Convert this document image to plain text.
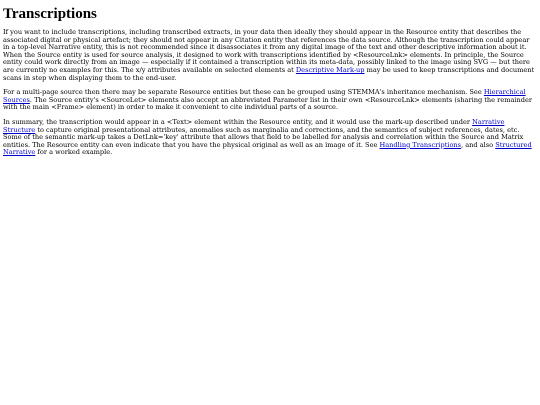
Transcriptions

If you want to include transcriptions, including transcribed extracts, in your data then ideally they should appear in the Resource entity that describes the associated digital or physical artefact; they should not appear in any Citation entity that references the data source. Although the transcription could appear in a top-level Narrative entity, this is not recommended since it disassociates it from any digital image of the text and other descriptive information about it.

When the Source entity is used for source analysis, it designed to work with transcriptions identified by <ResourceLnk> elements. In principle, the Source entity could work directly from an image — especially if it contained a transcription within its meta-data, possibly linked to the image using SVG — but there are currently no examples for this. The x/y attributes available on selected elements at Descriptive Mark-up may be used to keep transcriptions and document scans in step when displaying them to the end-user.

For a multi-page source then there may be separate Resource entities but these can be grouped using STEMMA's inheritance mechanism. See Hierarchical Sources. The Source entity's <SourceLet> elements also accept an abbreviated Parameter list in their own <ResourceLnk> elements (sharing the remainder with the main <Frame> element) in order to make it convenient to cite individual parts of a source.

In summary, the transcription would appear in a <Text> element within the Resource entity, and it would use the mark-up described under Narrative Structure to capture original presentational attributes, anomalies such as marginalia and corrections, and the semantics of subject references, dates, etc. Some of the semantic mark-up takes a DetLnk='key' attribute that allows that field to be labelled for analysis and correlation within the Source and Matrix entities. The Resource entity can even indicate that you have the physical original as well as an image of it. See Handling Transcriptions, and also Structured Narrative for a worked example.
